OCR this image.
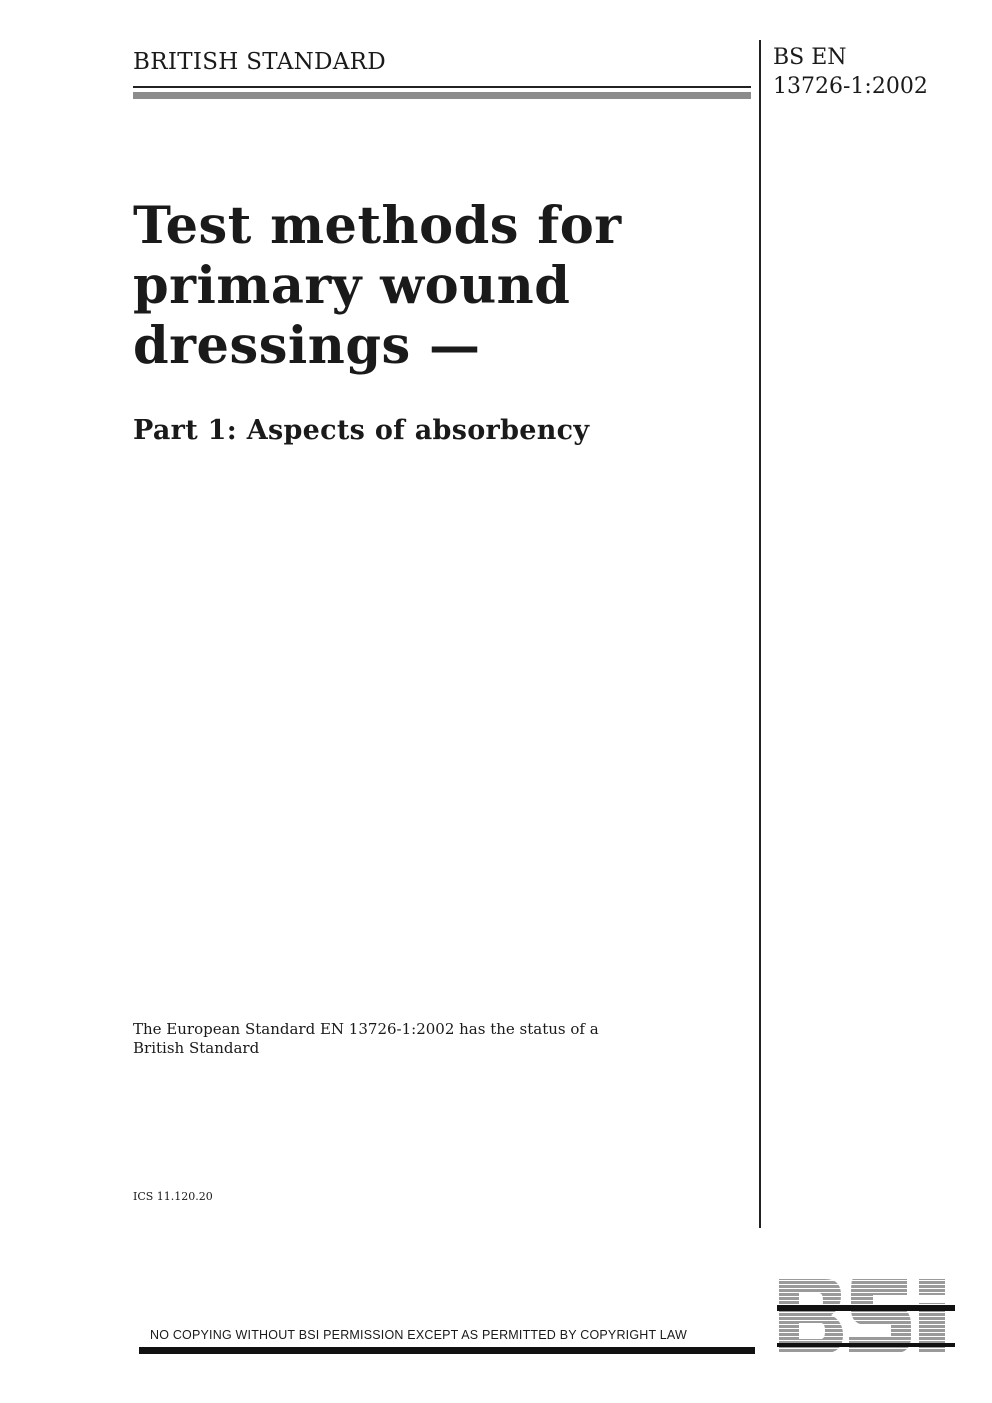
BRITISH STANDARD	BS EN
13726-1:2002
Test methods for
primary wound
dressings —
Part 1: Aspects of absorbency
The European Standard EN 13726-1:2002 has the status of a
British Standard
ICS 11.120.20
NO COPYING WITHOUT BSI PERMISSION EXCEPT AS PERMITTED BY COPYRIGHT LAW
